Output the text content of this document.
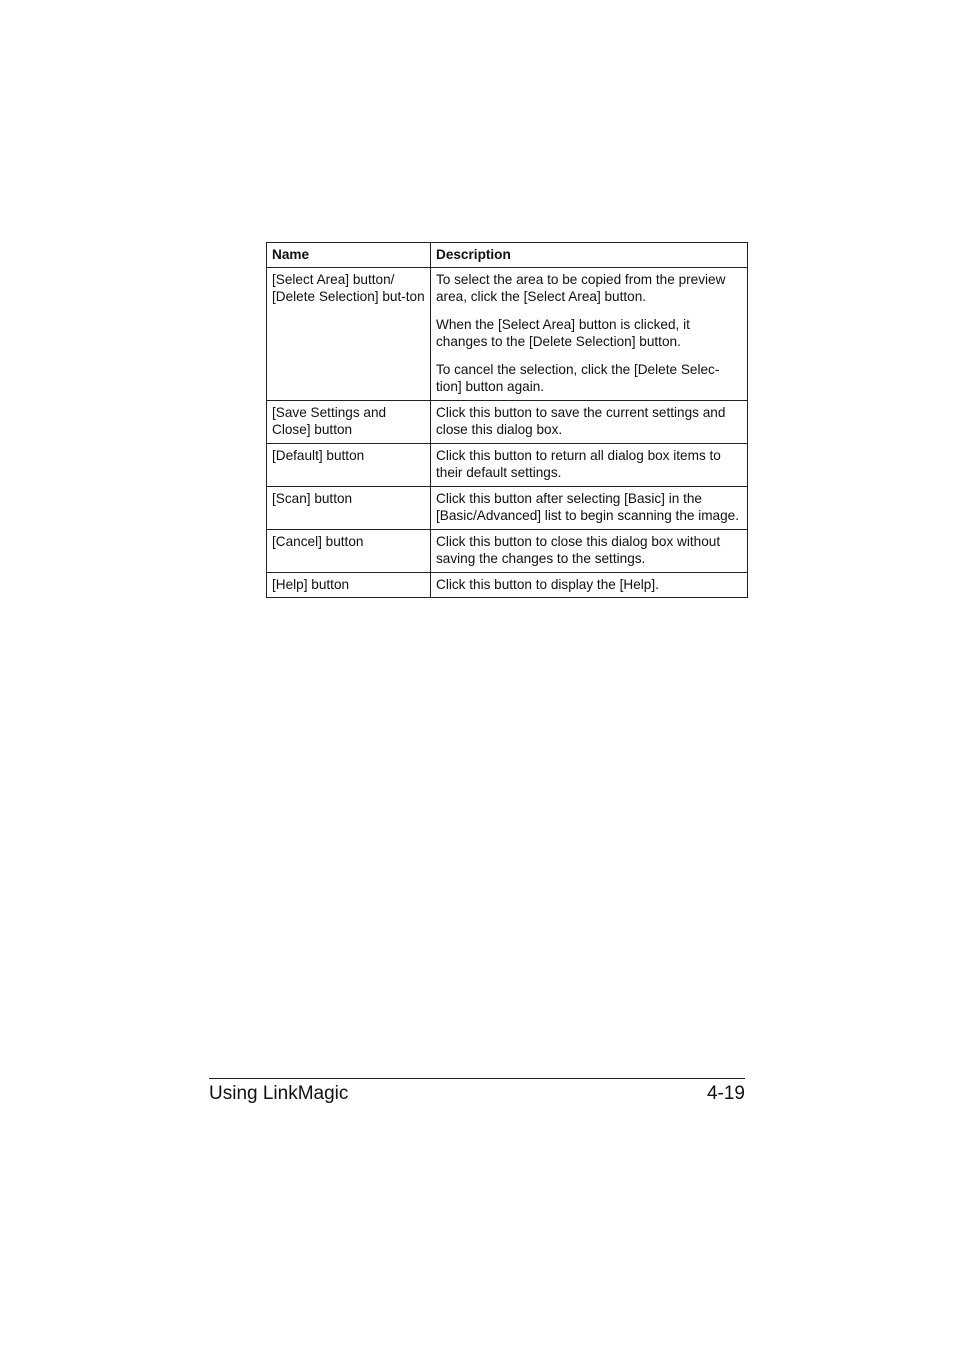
Name	Description
[Select Area] button/ [Delete Selection] but-ton	To select the area to be copied from the preview area, click the [Select Area] button.

When the [Select Area] button is clicked, it changes to the [Delete Selection] button.

To cancel the selection, click the [Delete Selec-tion] button again.

[Save Settings and Close] button	Click this button to save the current settings and close this dialog box.

[Default] button	Click this button to return all dialog box items to their default settings.

[Scan] button	Click this button after selecting [Basic] in the [Basic/Advanced] list to begin scanning the image.

[Cancel] button	Click this button to close this dialog box without saving the changes to the settings.

[Help] button	Click this button to display the [Help].

Using LinkMagic	4-19
